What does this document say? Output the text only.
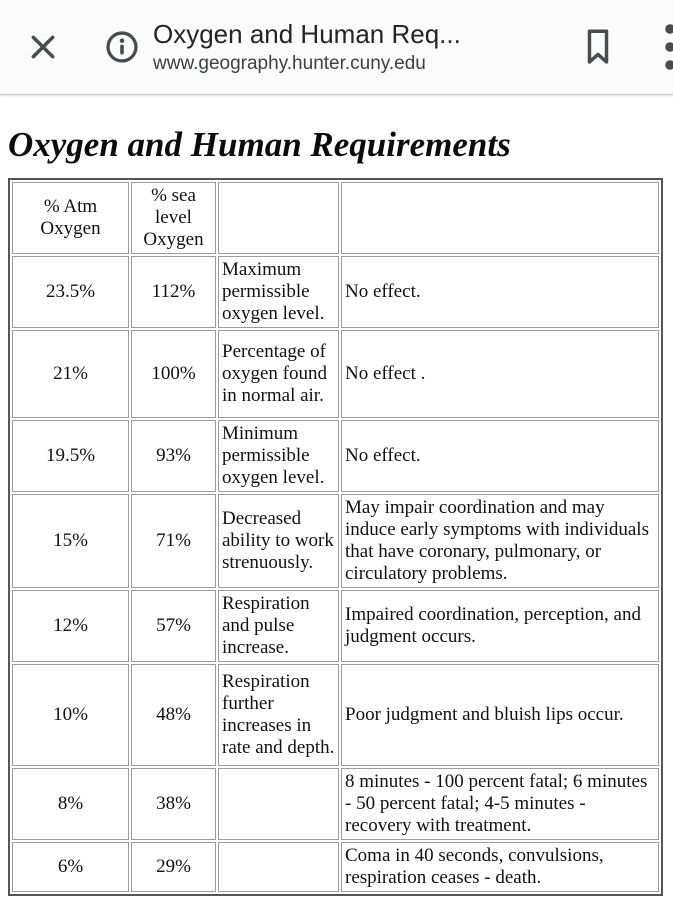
Oxygen and Human Req...
www.geography.hunter.cuny.edu
Oxygen and Human Requirements
% Atm Oxygen	% sea level Oxygen		
23.5%	112%	Maximum permissible oxygen level.	No effect.
21%	100%	Percentage of oxygen found in normal air.	No effect .
19.5%	93%	Minimum permissible oxygen level.	No effect.
15%	71%	Decreased ability to work strenuously.	May impair coordination and may induce early symptoms with individuals that have coronary, pulmonary, or circulatory problems.
12%	57%	Respiration and pulse increase.	Impaired coordination, perception, and judgment occurs.
10%	48%	Respiration further increases in rate and depth.	Poor judgment and bluish lips occur.
8%	38%		8 minutes - 100 percent fatal; 6 minutes - 50 percent fatal; 4-5 minutes - recovery with treatment.
6%	29%		Coma in 40 seconds, convulsions, respiration ceases - death.
